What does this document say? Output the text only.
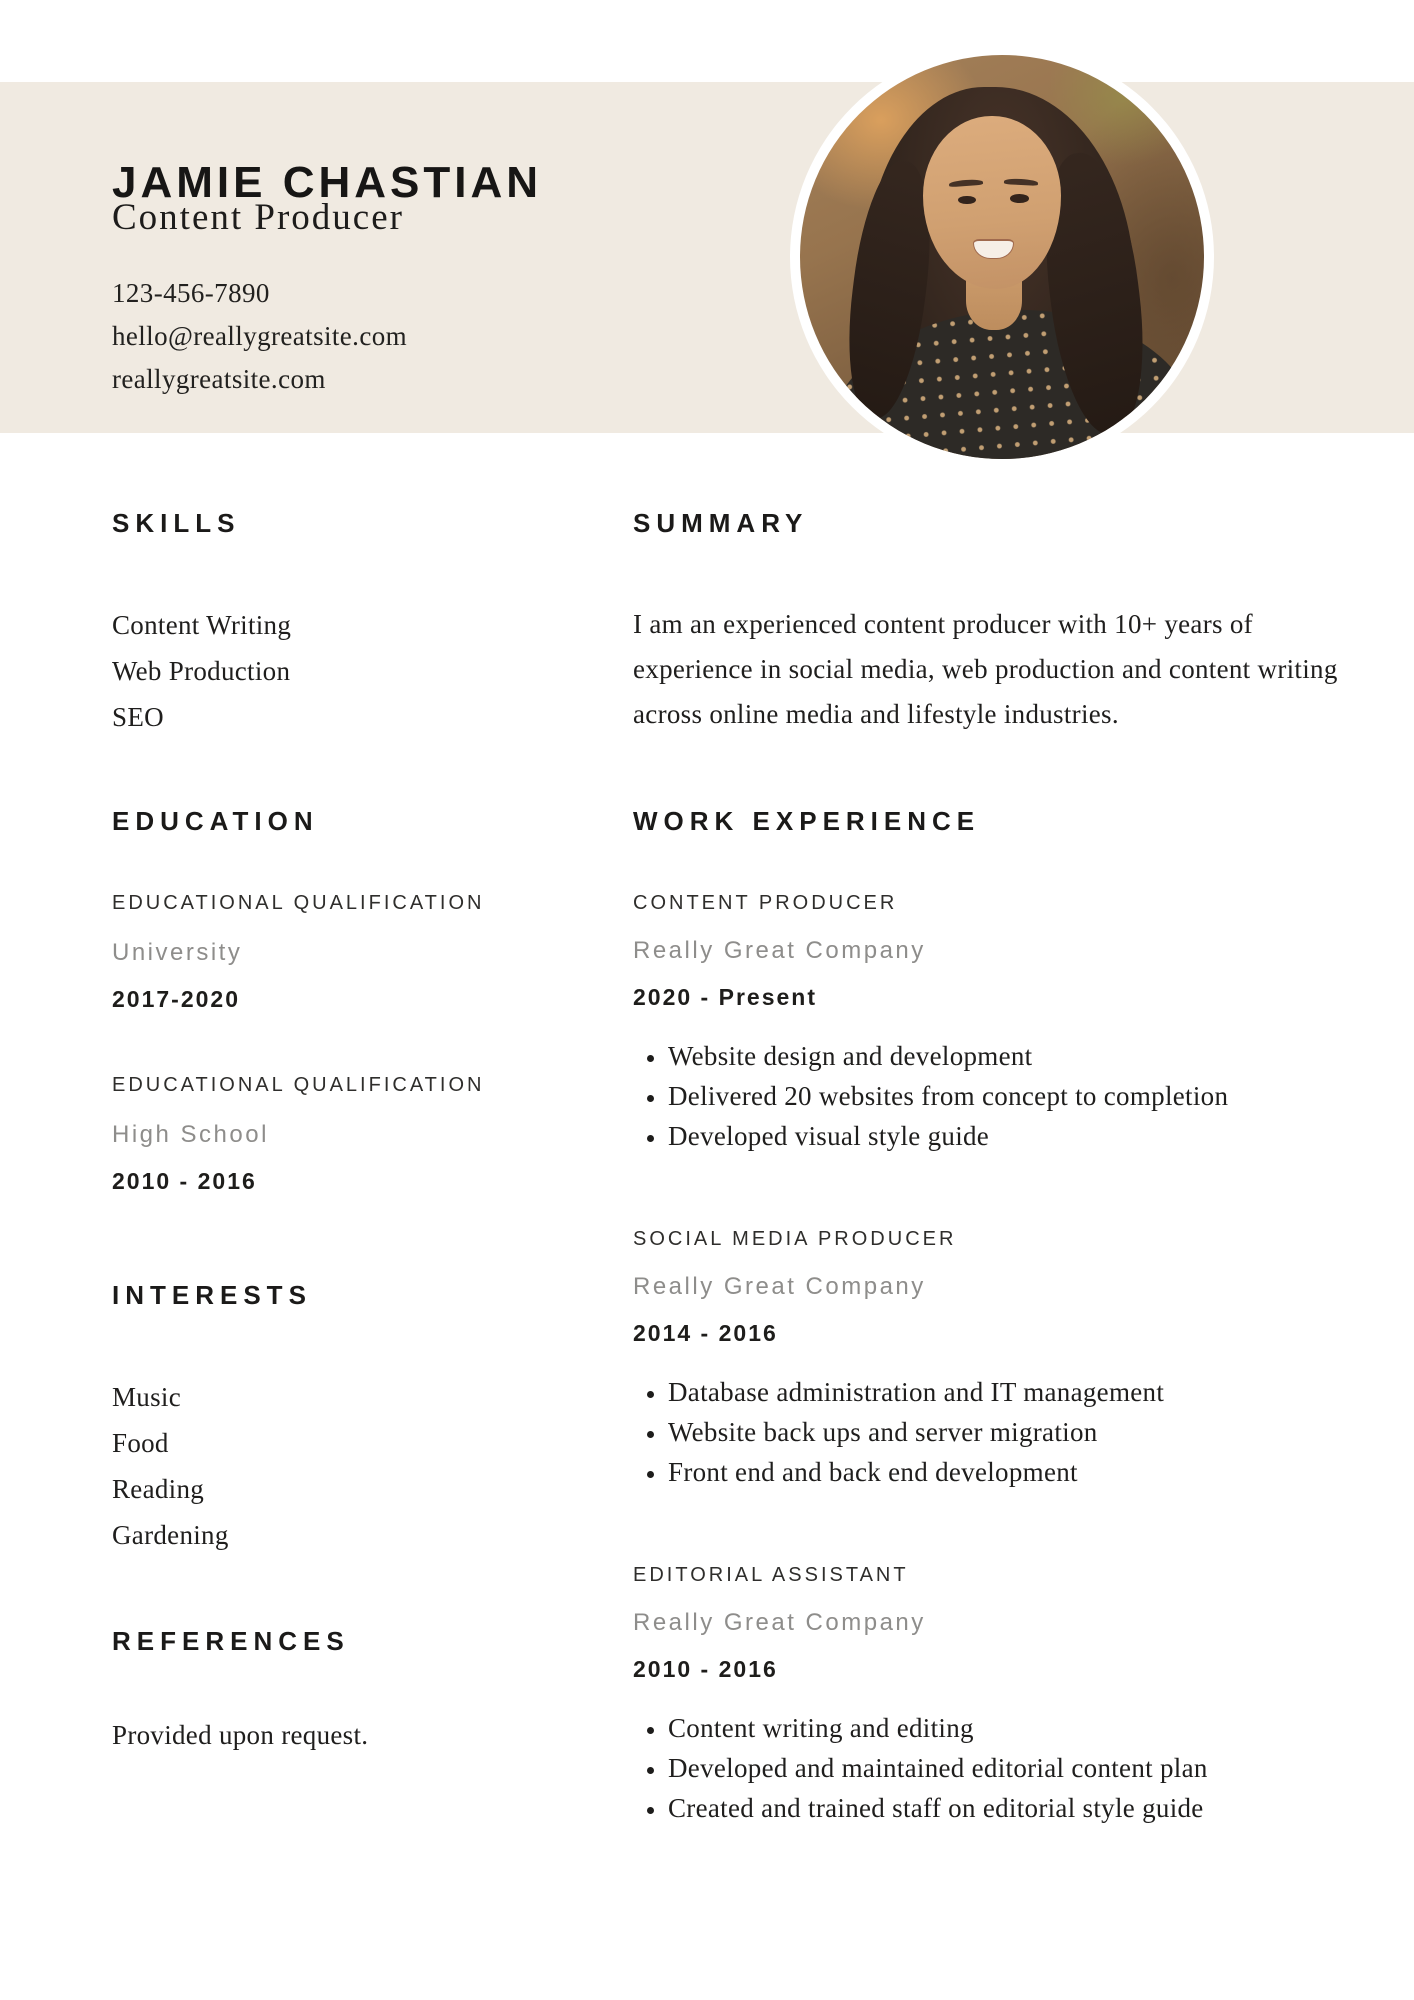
JAMIE CHASTIAN
Content Producer
123-456-7890
hello@reallygreatsite.com
reallygreatsite.com
SKILLS
Content Writing
Web Production
SEO
EDUCATION
EDUCATIONAL QUALIFICATION
University
2017-2020
EDUCATIONAL QUALIFICATION
High School
2010 - 2016
INTERESTS
Music
Food
Reading
Gardening
REFERENCES
Provided upon request.
SUMMARY
I am an experienced content producer with 10+ years of experience in social media, web production and content writing across online media and lifestyle industries.
WORK EXPERIENCE
CONTENT PRODUCER
Really Great Company
2020 - Present
Website design and development
Delivered 20 websites from concept to completion
Developed visual style guide
SOCIAL MEDIA PRODUCER
Really Great Company
2014 - 2016
Database administration and IT management
Website back ups and server migration
Front end and back end development
EDITORIAL ASSISTANT
Really Great Company
2010 - 2016
Content writing and editing
Developed and maintained editorial content plan
Created and trained staff on editorial style guide
